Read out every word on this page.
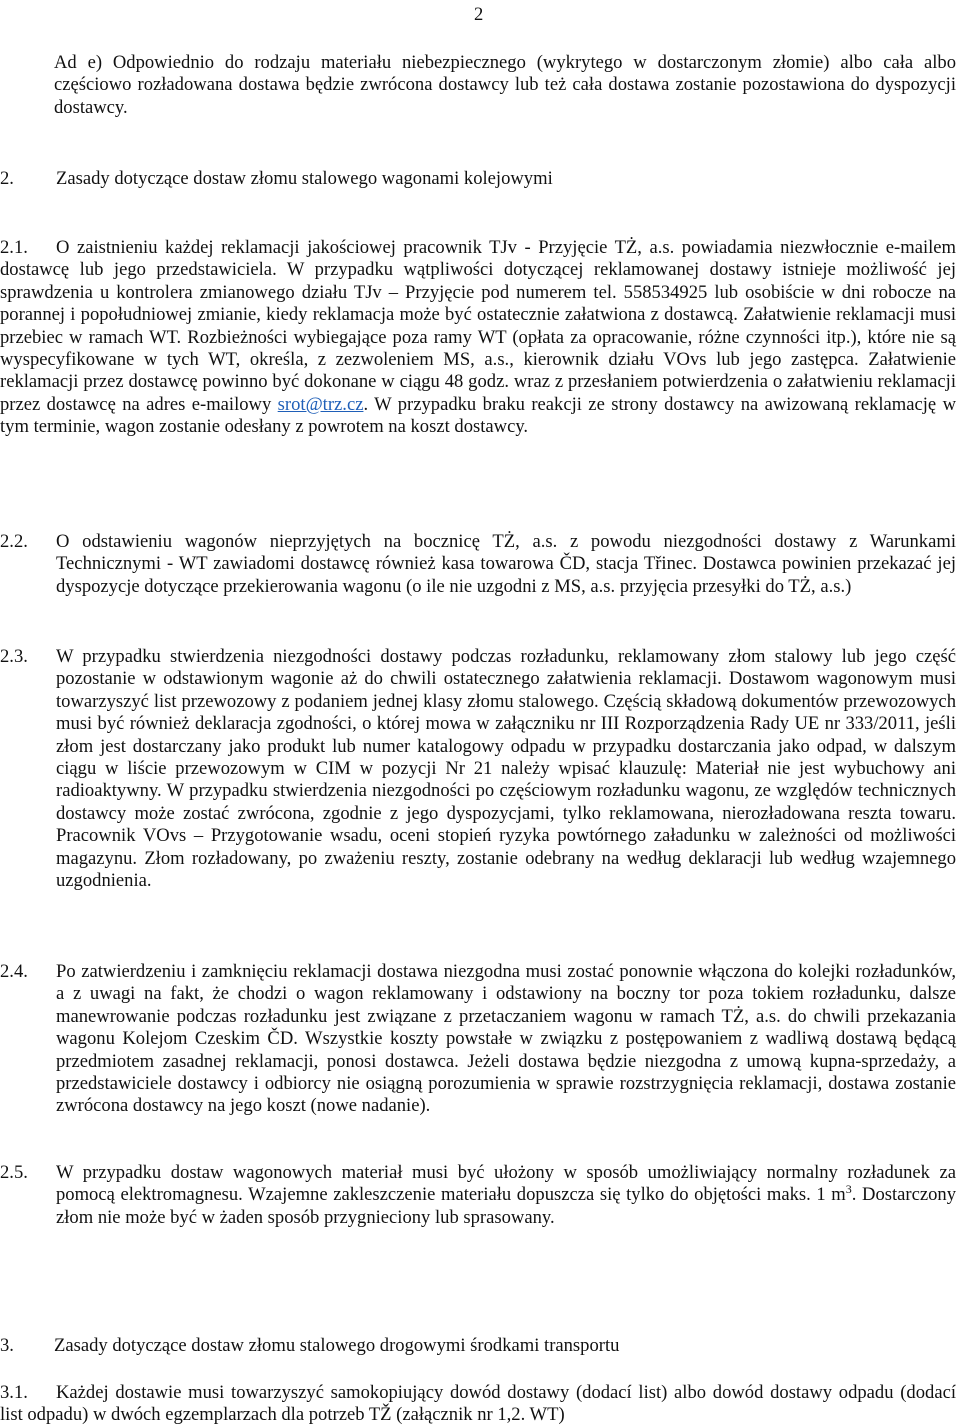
2

Ad e) Odpowiednio do rodzaju materiału niebezpiecznego (wykrytego w dostarczonym złomie) albo cała albo częściowo rozładowana dostawa będzie zwrócona dostawcy lub też cała dostawa zostanie pozostawiona do dyspozycji dostawcy.

2. Zasady dotyczące dostaw złomu stalowego wagonami kolejowymi
2.1. O zaistnieniu każdej reklamacji jakościowej pracownik TJv - Przyjęcie TŻ, a.s. powiadamia niezwłocznie e-mailem dostawcę lub jego przedstawiciela. W przypadku wątpliwości dotyczącej reklamowanej dostawy istnieje możliwość jej sprawdzenia u kontrolera zmianowego działu TJv – Przyjęcie pod numerem tel. 558534925 lub osobiście w dni robocze na porannej i popołudniowej zmianie, kiedy reklamacja może być ostatecznie załatwiona z dostawcą. Załatwienie reklamacji musi przebiec w ramach WT. Rozbieżności wybiegające poza ramy WT (opłata za opracowanie, różne czynności itp.), które nie są wyspecyfikowane w tych WT, określa, z zezwoleniem MS, a.s., kierownik działu VOvs lub jego zastępca. Załatwienie reklamacji przez dostawcę powinno być dokonane w ciągu 48 godz. wraz z przesłaniem potwierdzenia o załatwieniu reklamacji przez dostawcę na adres e-mailowy srot@trz.cz. W przypadku braku reakcji ze strony dostawcy na awizowaną reklamację w tym terminie, wagon zostanie odesłany z powrotem na koszt dostawcy.
2.2. O odstawieniu wagonów nieprzyjętych na bocznicę TŻ, a.s. z powodu niezgodności dostawy z Warunkami Technicznymi - WT zawiadomi dostawcę również kasa towarowa ČD, stacja Třinec. Dostawca powinien przekazać jej dyspozycje dotyczące przekierowania wagonu (o ile nie uzgodni z MS, a.s. przyjęcia przesyłki do TŻ, a.s.)
2.3. W przypadku stwierdzenia niezgodności dostawy podczas rozładunku, reklamowany złom stalowy lub jego część pozostanie w odstawionym wagonie aż do chwili ostatecznego załatwienia reklamacji. Dostawom wagonowym musi towarzyszyć list przewozowy z podaniem jednej klasy złomu stalowego. Częścią składową dokumentów przewozowych musi być również deklaracja zgodności, o której mowa w załączniku nr III Rozporządzenia Rady UE nr 333/2011, jeśli złom jest dostarczany jako produkt lub numer katalogowy odpadu w przypadku dostarczania jako odpad, w dalszym ciągu w liście przewozowym w CIM w pozycji Nr 21 należy wpisać klauzulę: Materiał nie jest wybuchowy ani radioaktywny. W przypadku stwierdzenia niezgodności po częściowym rozładunku wagonu, ze względów technicznych dostawcy może zostać zwrócona, zgodnie z jego dyspozycjami, tylko reklamowana, nierozładowana reszta towaru. Pracownik VOvs – Przygotowanie wsadu, oceni stopień ryzyka powtórnego załadunku w zależności od możliwości magazynu. Złom rozładowany, po zważeniu reszty, zostanie odebrany na według deklaracji lub według wzajemnego uzgodnienia.
2.4. Po zatwierdzeniu i zamknięciu reklamacji dostawa niezgodna musi zostać ponownie włączona do kolejki rozładunków, a z uwagi na fakt, że chodzi o wagon reklamowany i odstawiony na boczny tor poza tokiem rozładunku, dalsze manewrowanie podczas rozładunku jest związane z przetaczaniem wagonu w ramach TŻ, a.s. do chwili przekazania wagonu Kolejom Czeskim ČD. Wszystkie koszty powstałe w związku z postępowaniem z wadliwą dostawą będącą przedmiotem zasadnej reklamacji, ponosi dostawca. Jeżeli dostawa będzie niezgodna z umową kupna-sprzedaży, a przedstawiciele dostawcy i odbiorcy nie osiągną porozumienia w sprawie rozstrzygnięcia reklamacji, dostawa zostanie zwrócona dostawcy na jego koszt (nowe nadanie).
2.5. W przypadku dostaw wagonowych materiał musi być ułożony w sposób umożliwiający normalny rozładunek za pomocą elektromagnesu. Wzajemne zakleszczenie materiału dopuszcza się tylko do objętości maks. 1 $m^3$. Dostarczony złom nie może być w żaden sposób przygnieciony lub sprasowany.
3. Zasady dotyczące dostaw złomu stalowego drogowymi środkami transportu
3.1. Każdej dostawie musi towarzyszyć samokopiujący dowód dostawy (dodací list) albo dowód dostawy odpadu (dodací list odpadu) w dwóch egzemplarzach dla potrzeb TŽ (załącznik nr 1,2. WT)
